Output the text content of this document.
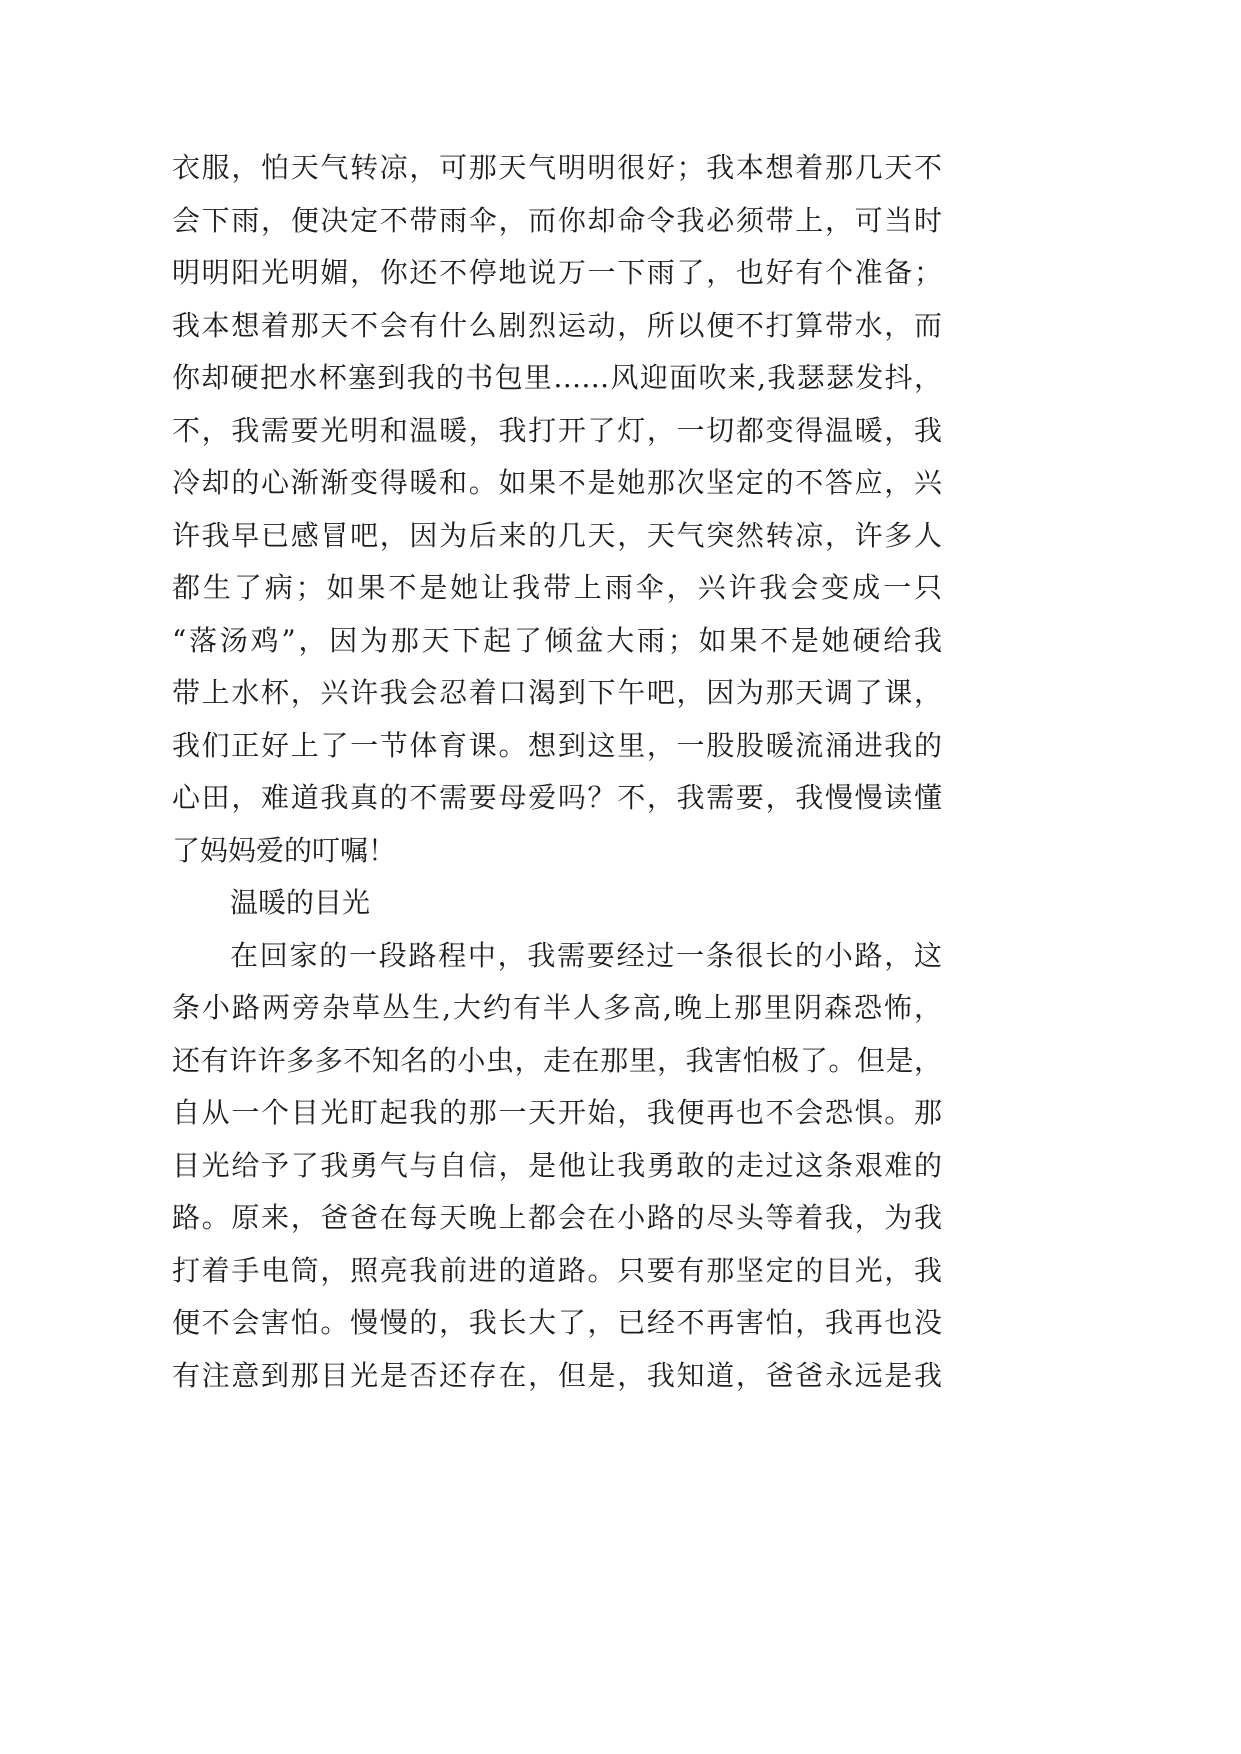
衣服，怕天气转凉，可那天气明明很好；我本想着那几天不
会下雨，便决定不带雨伞，而你却命令我必须带上，可当时
明明阳光明媚，你还不停地说万一下雨了，也好有个准备；
我本想着那天不会有什么剧烈运动，所以便不打算带水，而
你却硬把水杯塞到我的书包里……风迎面吹来,我瑟瑟发抖，
不，我需要光明和温暖，我打开了灯，一切都变得温暖，我
冷却的心渐渐变得暖和。如果不是她那次坚定的不答应，兴
许我早已感冒吧，因为后来的几天，天气突然转凉，许多人
都生了病；如果不是她让我带上雨伞，兴许我会变成一只
“落汤鸡”，因为那天下起了倾盆大雨；如果不是她硬给我
带上水杯，兴许我会忍着口渴到下午吧，因为那天调了课，
我们正好上了一节体育课。想到这里，一股股暖流涌进我的
心田，难道我真的不需要母爱吗？不，我需要，我慢慢读懂
了妈妈爱的叮嘱！
温暖的目光
在回家的一段路程中，我需要经过一条很长的小路，这
条小路两旁杂草丛生,大约有半人多高,晚上那里阴森恐怖，
还有许许多多不知名的小虫，走在那里，我害怕极了。但是，
自从一个目光盯起我的那一天开始，我便再也不会恐惧。那
目光给予了我勇气与自信，是他让我勇敢的走过这条艰难的
路。原来，爸爸在每天晚上都会在小路的尽头等着我，为我
打着手电筒，照亮我前进的道路。只要有那坚定的目光，我
便不会害怕。慢慢的，我长大了，已经不再害怕，我再也没
有注意到那目光是否还存在，但是，我知道，爸爸永远是我
